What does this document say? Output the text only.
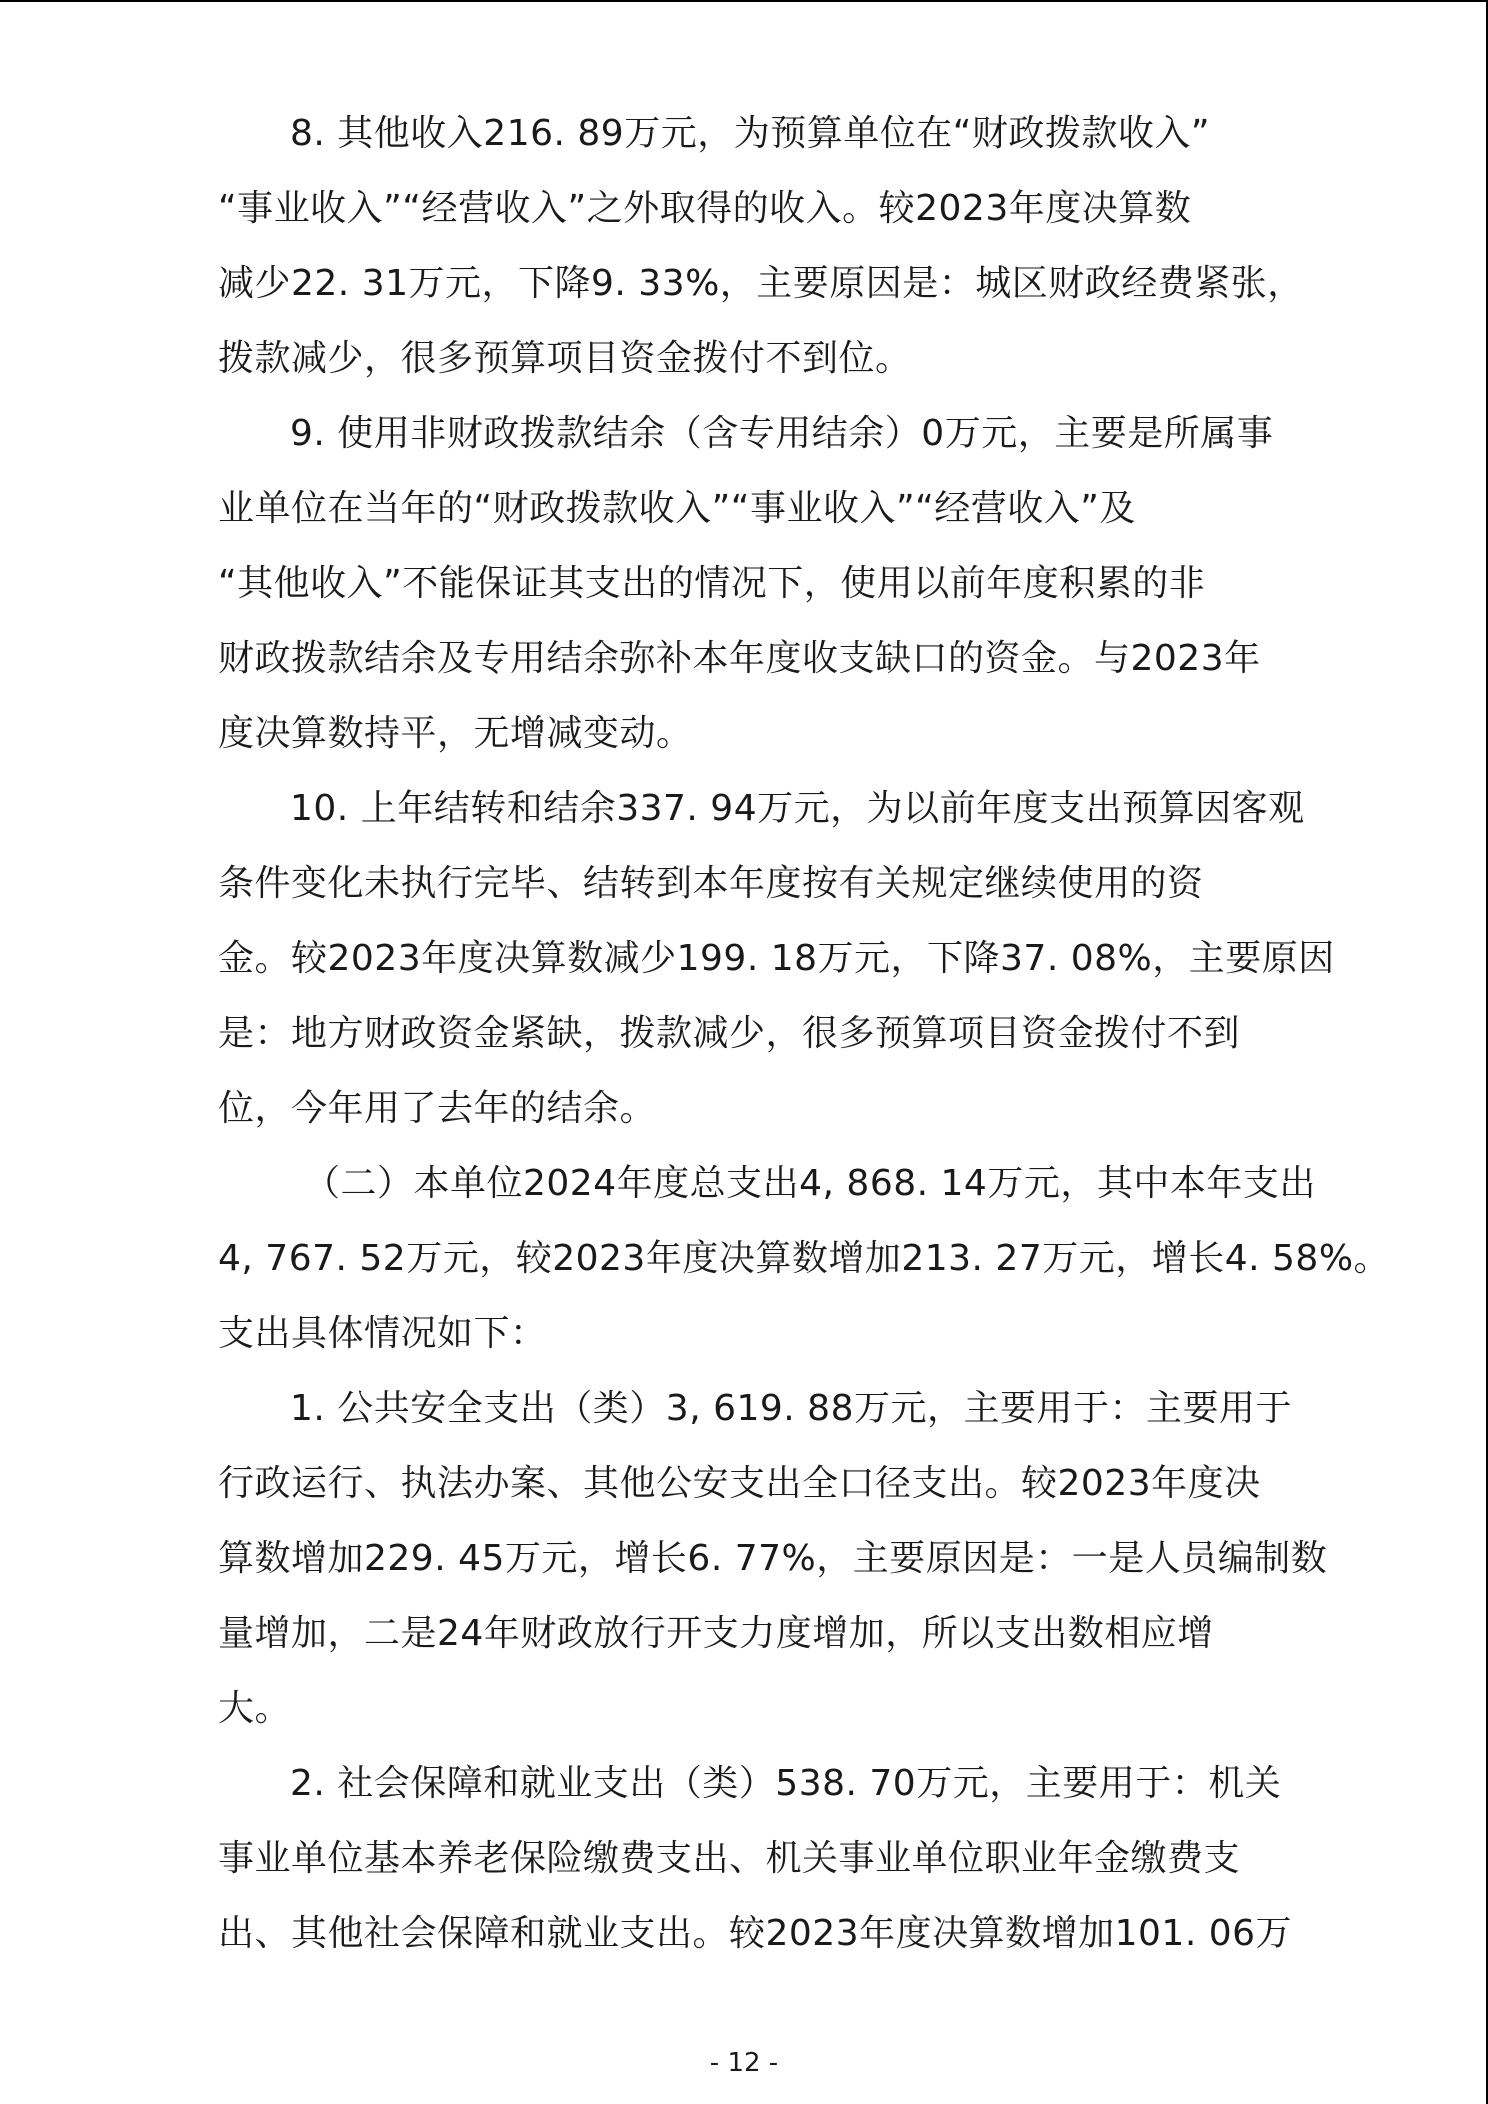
8. 其他收入216. 89万元，为预算单位在“财政拨款收入”
“事业收入”“经营收入”之外取得的收入。较2023年度决算数
减少22. 31万元，下降9. 33%，主要原因是：城区财政经费紧张，
拨款减少，很多预算项目资金拨付不到位。
9. 使用非财政拨款结余（含专用结余）0万元，主要是所属事
业单位在当年的“财政拨款收入”“事业收入”“经营收入”及
“其他收入”不能保证其支出的情况下，使用以前年度积累的非
财政拨款结余及专用结余弥补本年度收支缺口的资金。与2023年
度决算数持平，无增减变动。
10. 上年结转和结余337. 94万元，为以前年度支出预算因客观
条件变化未执行完毕、结转到本年度按有关规定继续使用的资
金。较2023年度决算数减少199. 18万元，下降37. 08%，主要原因
是：地方财政资金紧缺，拨款减少，很多预算项目资金拨付不到
位，今年用了去年的结余。
（二）本单位2024年度总支出4, 868. 14万元，其中本年支出
4, 767. 52万元，较2023年度决算数增加213. 27万元，增长4. 58%。
支出具体情况如下：
1. 公共安全支出（类）3, 619. 88万元，主要用于：主要用于
行政运行、执法办案、其他公安支出全口径支出。较2023年度决
算数增加229. 45万元，增长6. 77%，主要原因是：一是人员编制数
量增加，二是24年财政放行开支力度增加，所以支出数相应增
大。
2. 社会保障和就业支出（类）538. 70万元，主要用于：机关
事业单位基本养老保险缴费支出、机关事业单位职业年金缴费支
出、其他社会保障和就业支出。较2023年度决算数增加101. 06万
- 12 -
